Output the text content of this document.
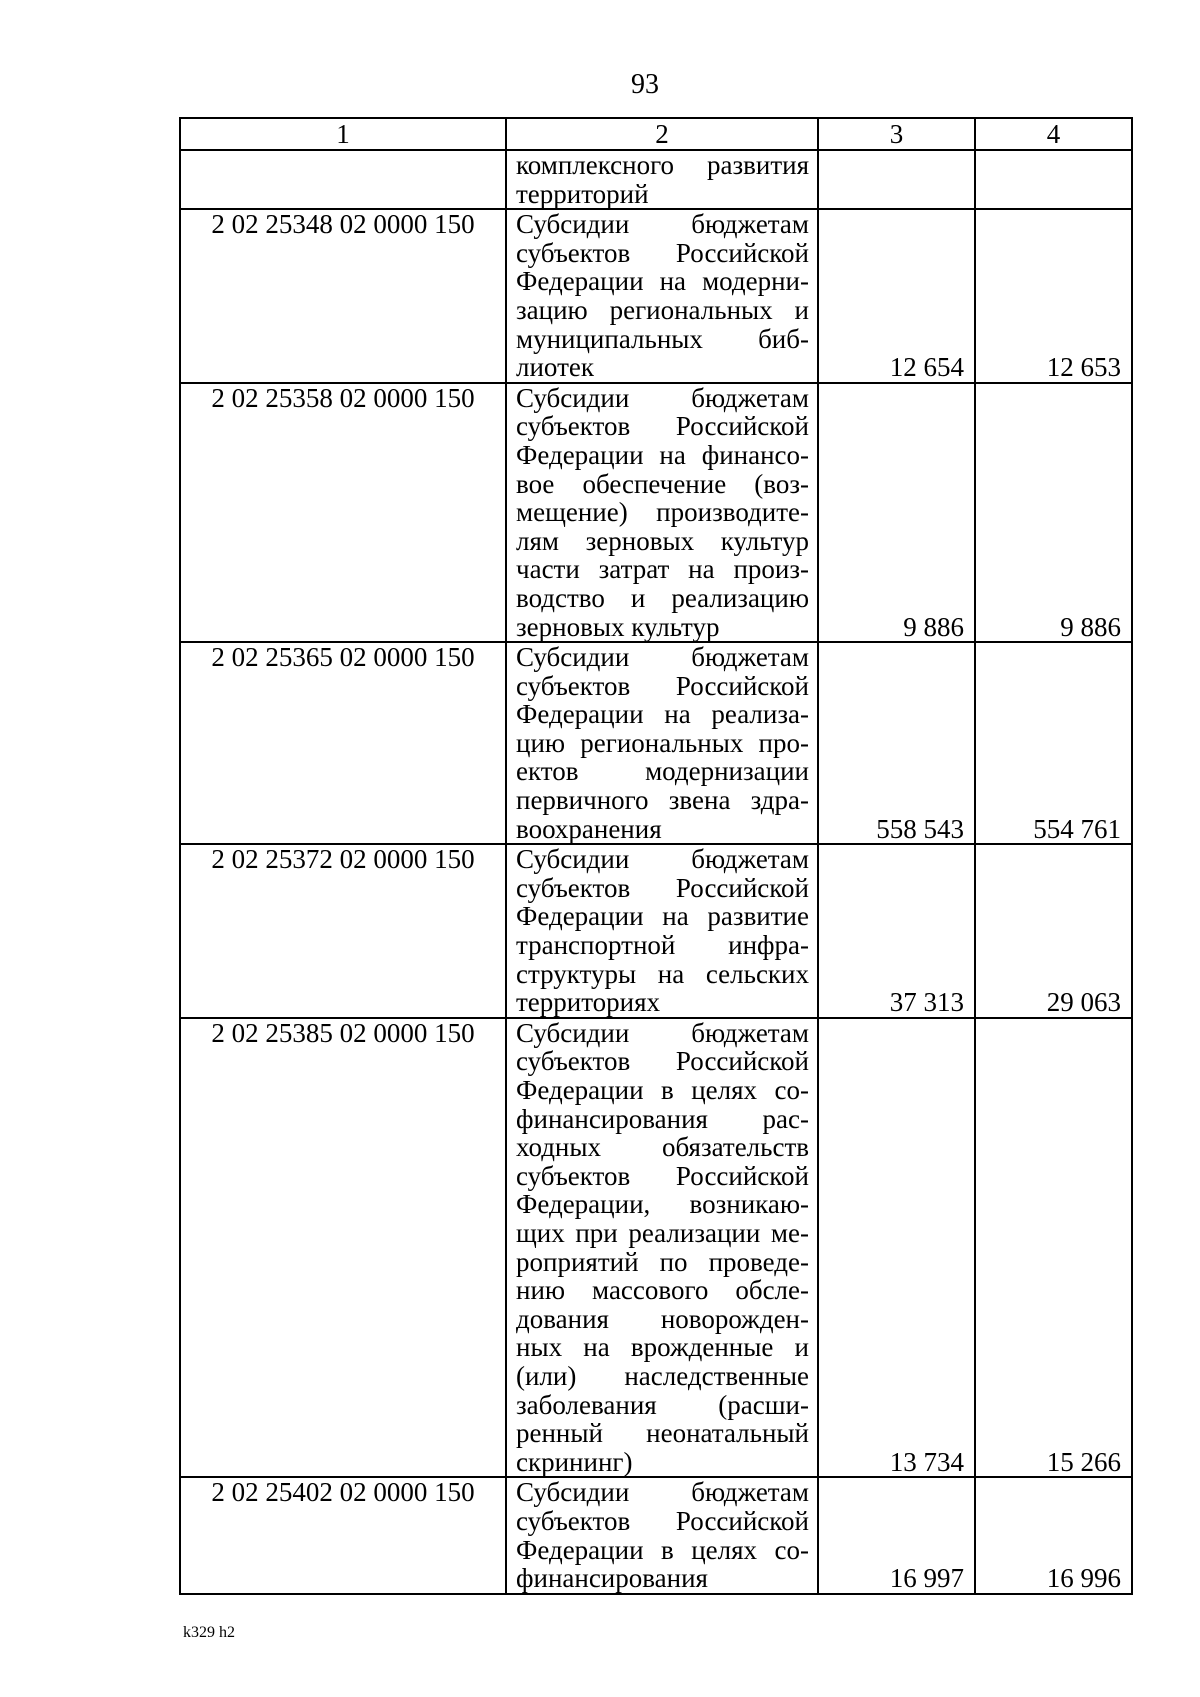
93
1	2	3	4
	комплексного развития территорий		
2 02 25348 02 0000 150	Субсидии бюджетам субъектов Российской Федерации на модерни-зацию региональных и муниципальных биб-лиотек	12 654	12 653
2 02 25358 02 0000 150	Субсидии бюджетам субъектов Российской Федерации на финансо-вое обеспечение (воз-мещение) производите-лям зерновых культур части затрат на произ-водство и реализацию зерновых культур	9 886	9 886
2 02 25365 02 0000 150	Субсидии бюджетам субъектов Российской Федерации на реализа-цию региональных про-ектов модернизации первичного звена здра-воохранения	558 543	554 761
2 02 25372 02 0000 150	Субсидии бюджетам субъектов Российской Федерации на развитие транспортной инфра-структуры на сельских территориях	37 313	29 063
2 02 25385 02 0000 150	Субсидии бюджетам субъектов Российской Федерации в целях со-финансирования рас-ходных обязательств субъектов Российской Федерации, возникаю-щих при реализации ме-роприятий по проведе-нию массового обсле-дования новорожден-ных на врожденные и (или) наследственные заболевания (расши-ренный неонатальный скрининг)	13 734	15 266
2 02 25402 02 0000 150	Субсидии бюджетам субъектов Российской Федерации в целях со-финансирования	16 997	16 996
k329 h2
